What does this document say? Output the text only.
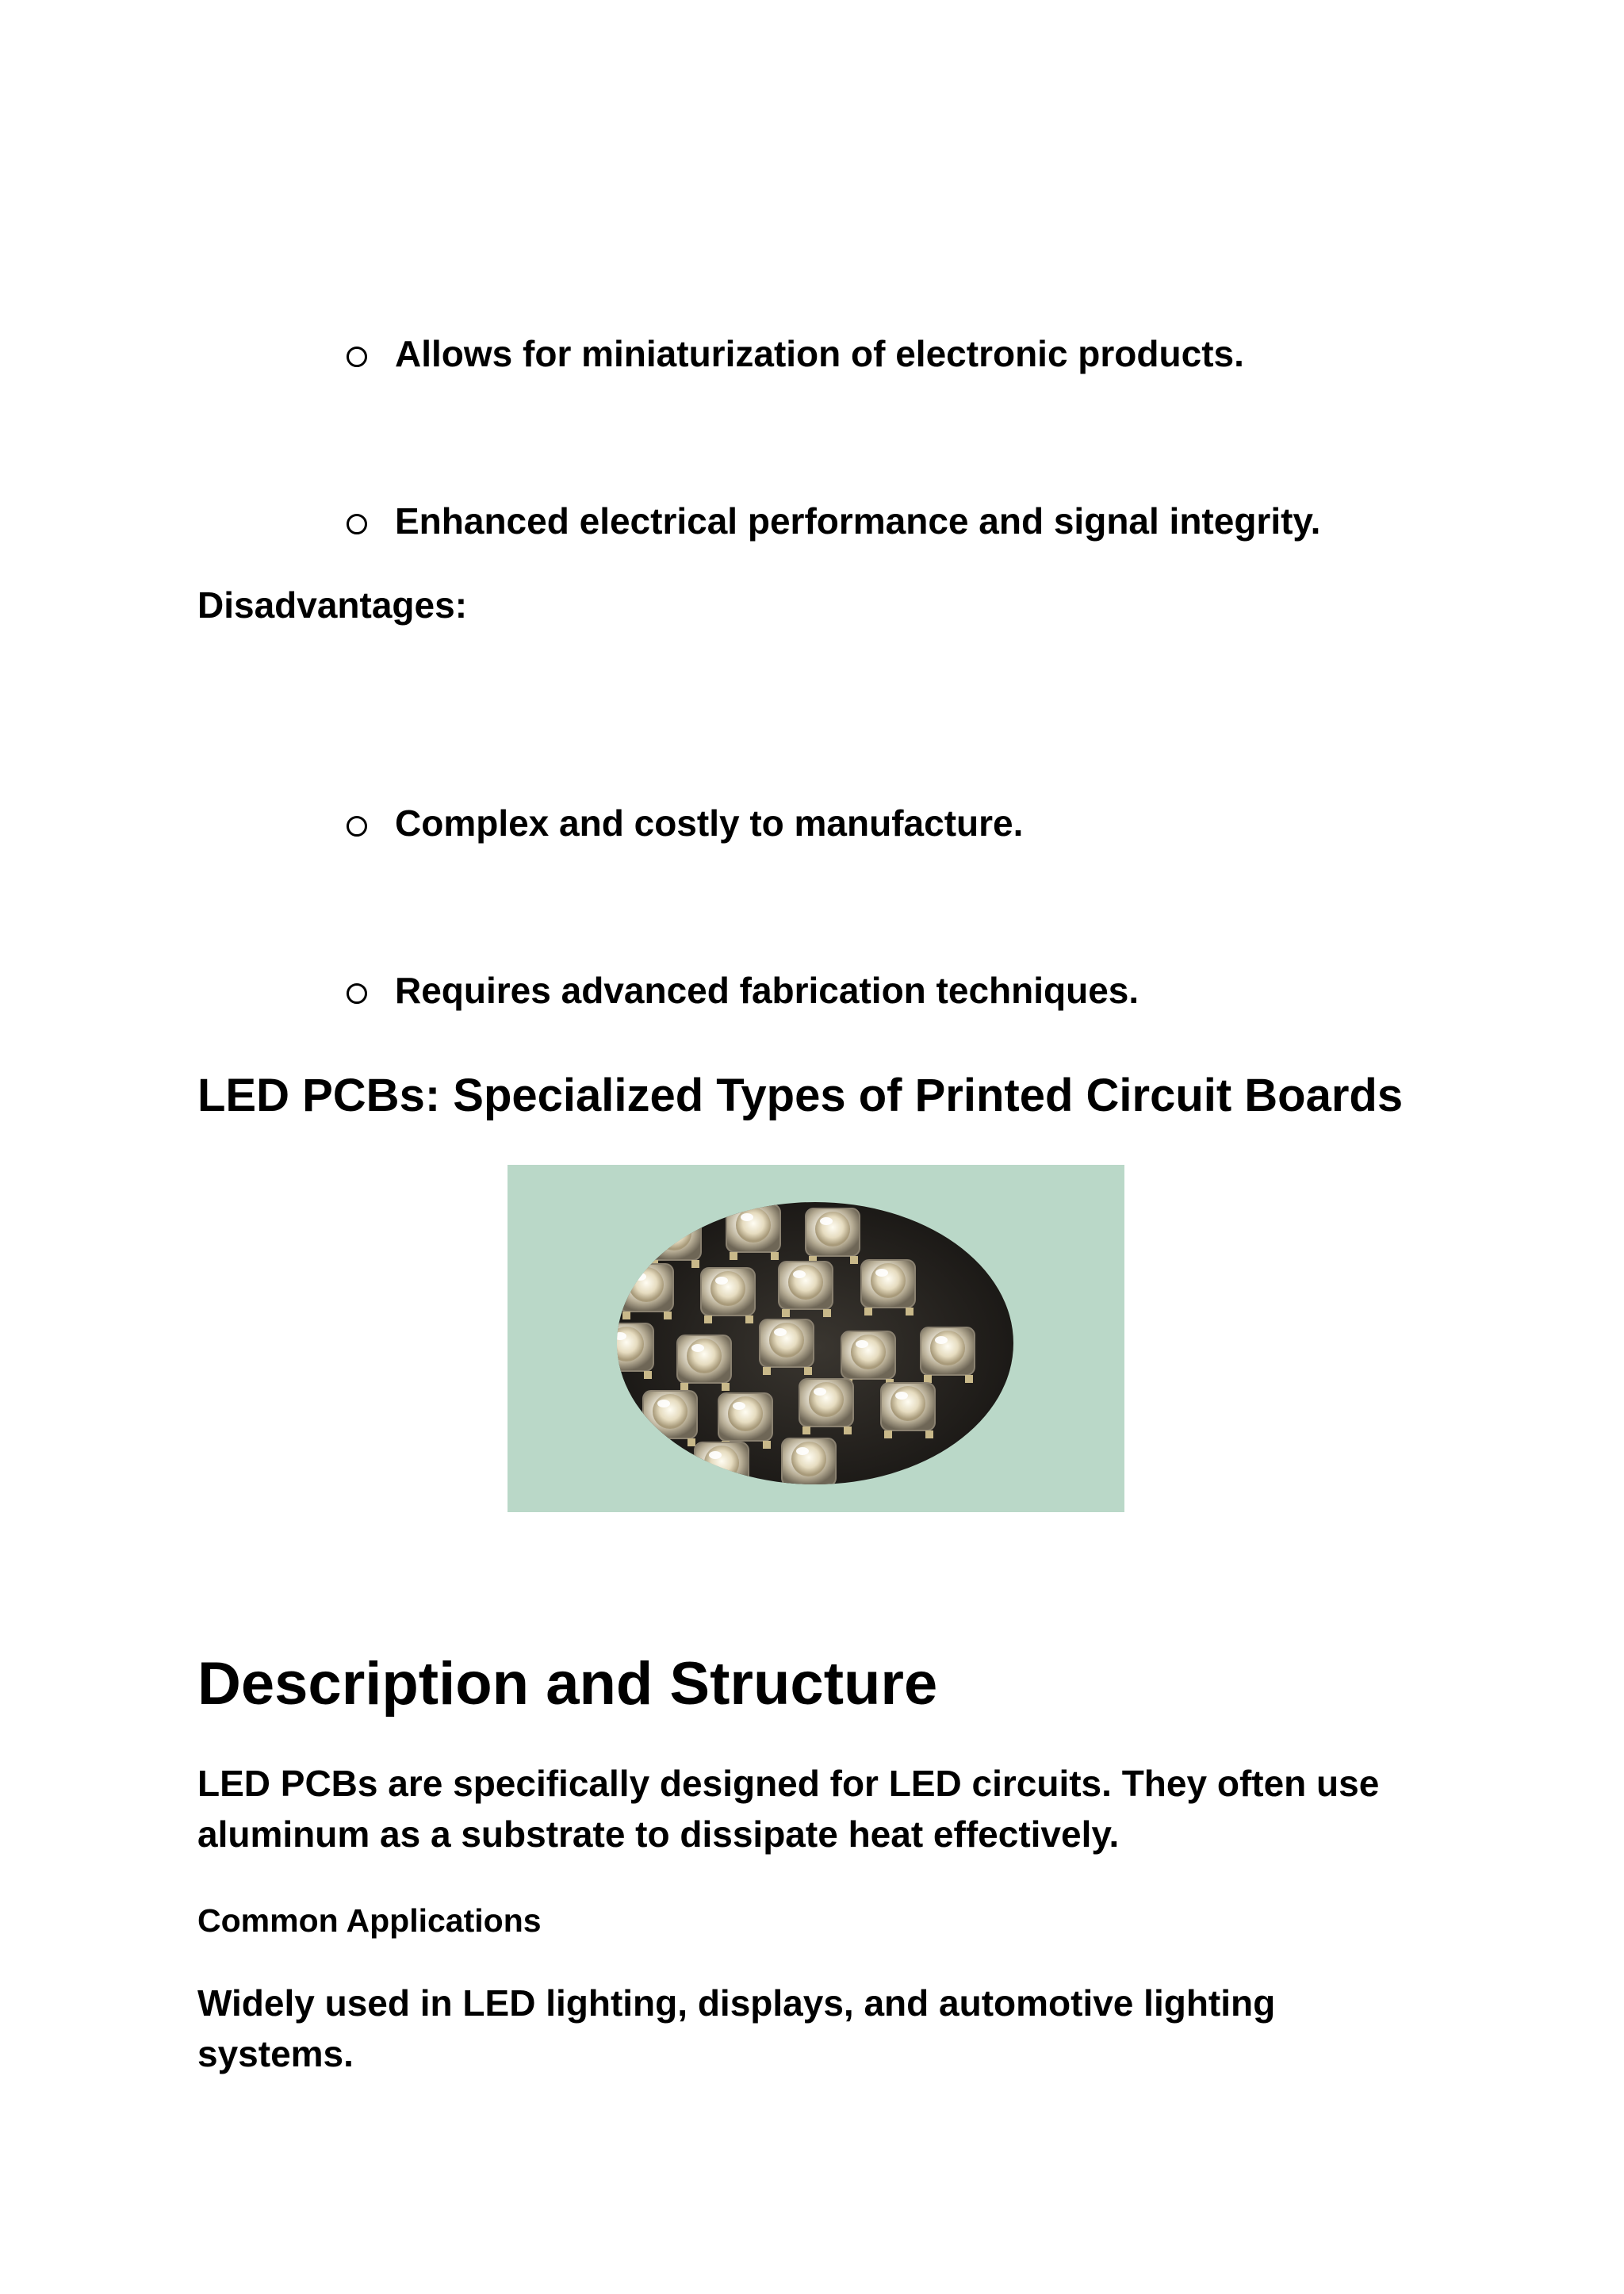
Allows for miniaturization of electronic products.
Enhanced electrical performance and signal integrity.
Disadvantages:
Complex and costly to manufacture.
Requires advanced fabrication techniques.
LED PCBs: Specialized Types of Printed Circuit Boards
Description and Structure
LED PCBs are specifically designed for LED circuits. They often use aluminum as a substrate to dissipate heat effectively.
Common Applications
Widely used in LED lighting, displays, and automotive lighting systems.
